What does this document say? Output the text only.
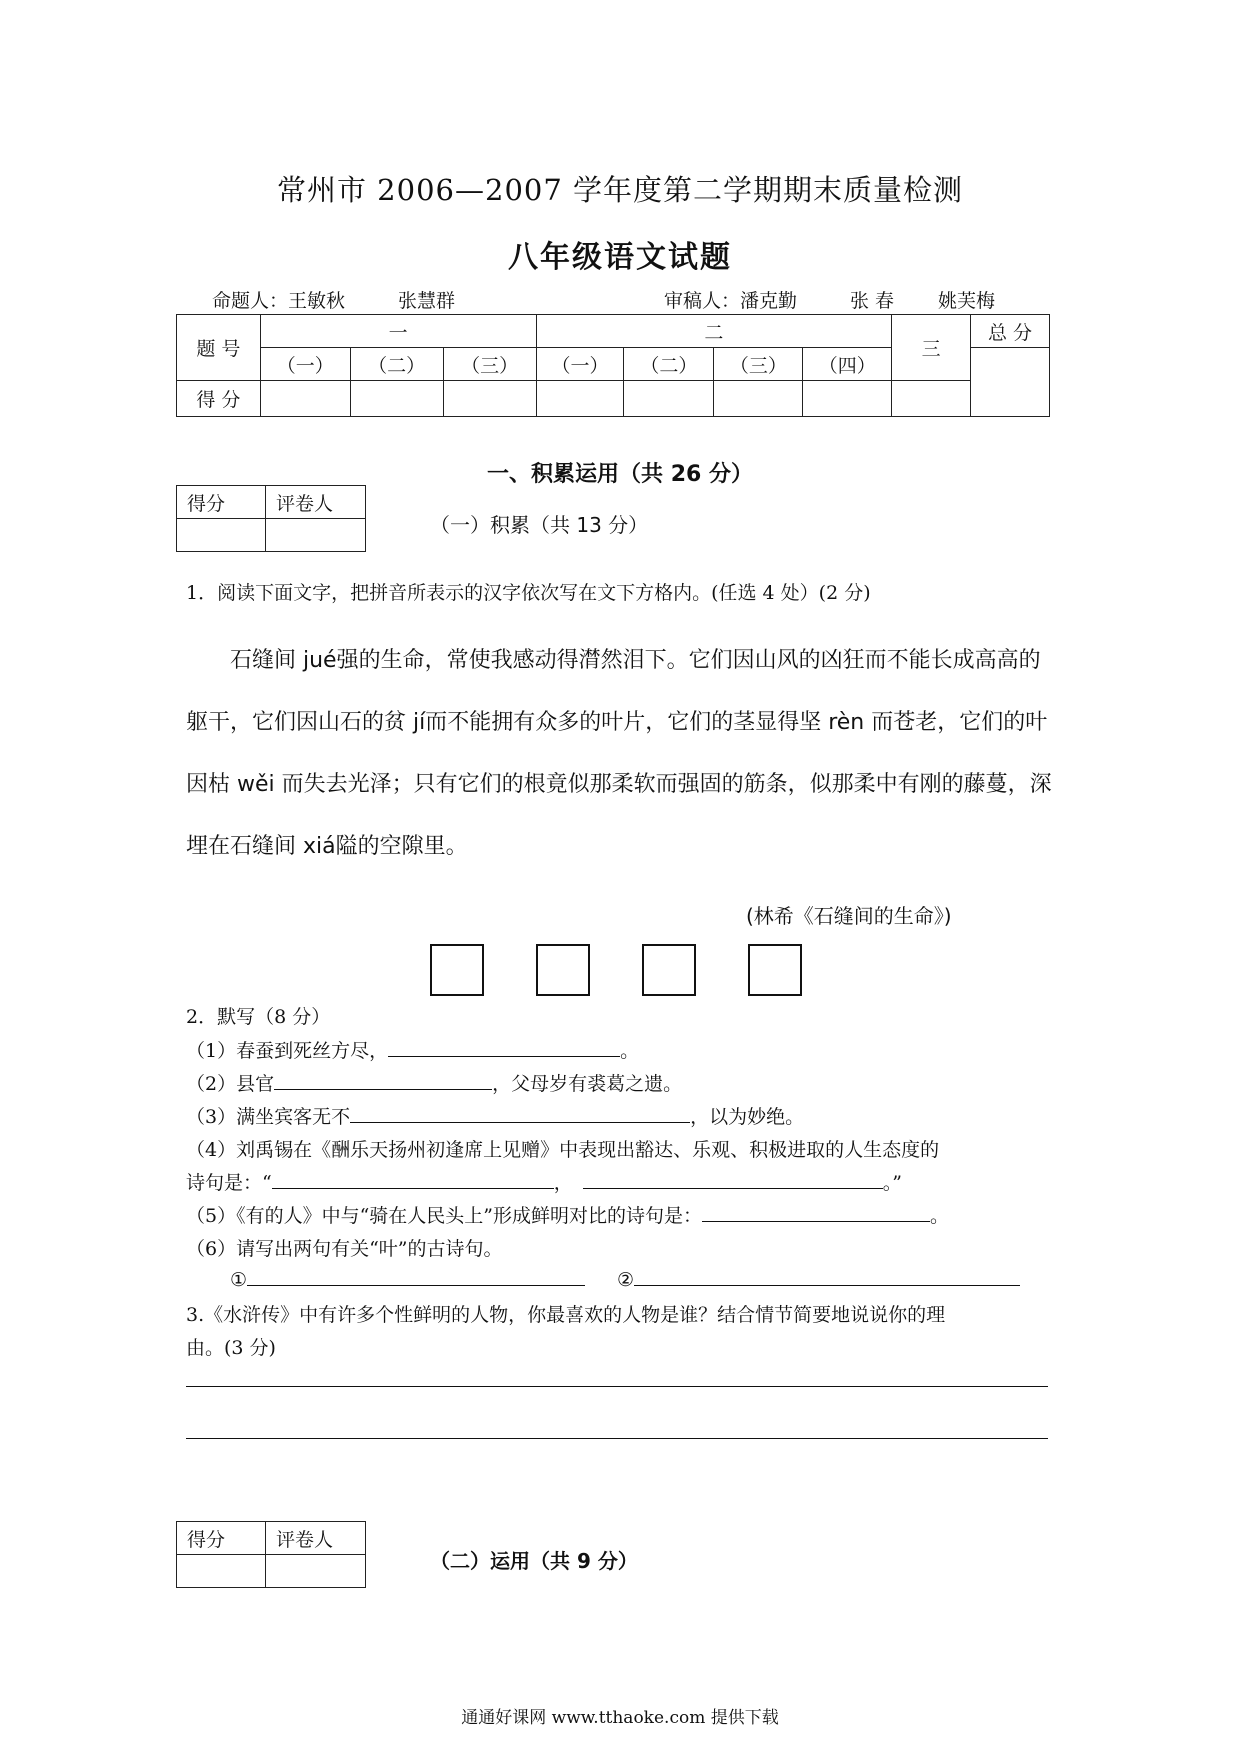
常州市 2006—2007 学年度第二学期期末质量检测
八年级语文试题
命题人：王敏秋	张慧群	审稿人：潘克勤	张 春 姚芙梅
题 号	一			二				三	总 分
	（一）	（二）	（三）	（一）	（二）	（三）	（四）		
得 分									
一、积累运用（共 26 分）
得分	评卷人

（一）积累（共 13 分）
1．阅读下面文字，把拼音所表示的汉字依次写在文下方格内。(任选 4 处）(2 分)

石缝间 jué强的生命，常使我感动得潸然泪下。它们因山风的凶狂而不能长成高高的躯干，它们因山石的贫 jí而不能拥有众多的叶片，它们的茎显得坚 rèn 而苍老，它们的叶因枯 wěi 而失去光泽；只有它们的根竟似那柔软而强固的筋条，似那柔中有刚的藤蔓，深埋在石缝间 xiá隘的空隙里。

(林希《石缝间的生命》)
2．默写（8 分）
（1）春蚕到死丝方尽，	。
（2）县官	，父母岁有裘葛之遗。
（3）满坐宾客无不	，以为妙绝。
（4）刘禹锡在《酬乐天扬州初逢席上见赠》中表现出豁达、乐观、积极进取的人生态度的
诗句是：“	，	。”
（5）《有的人》中与“骑在人民头上”形成鲜明对比的诗句是：	。
（6）请写出两句有关“叶”的古诗句。
①	②
3.《水浒传》中有许多个性鲜明的人物，你最喜欢的人物是谁？结合情节简要地说说你的理
由。(3 分)
得分	评卷人

（二）运用（共 9 分）
通通好课网 www.tthaoke.com 提供下载
